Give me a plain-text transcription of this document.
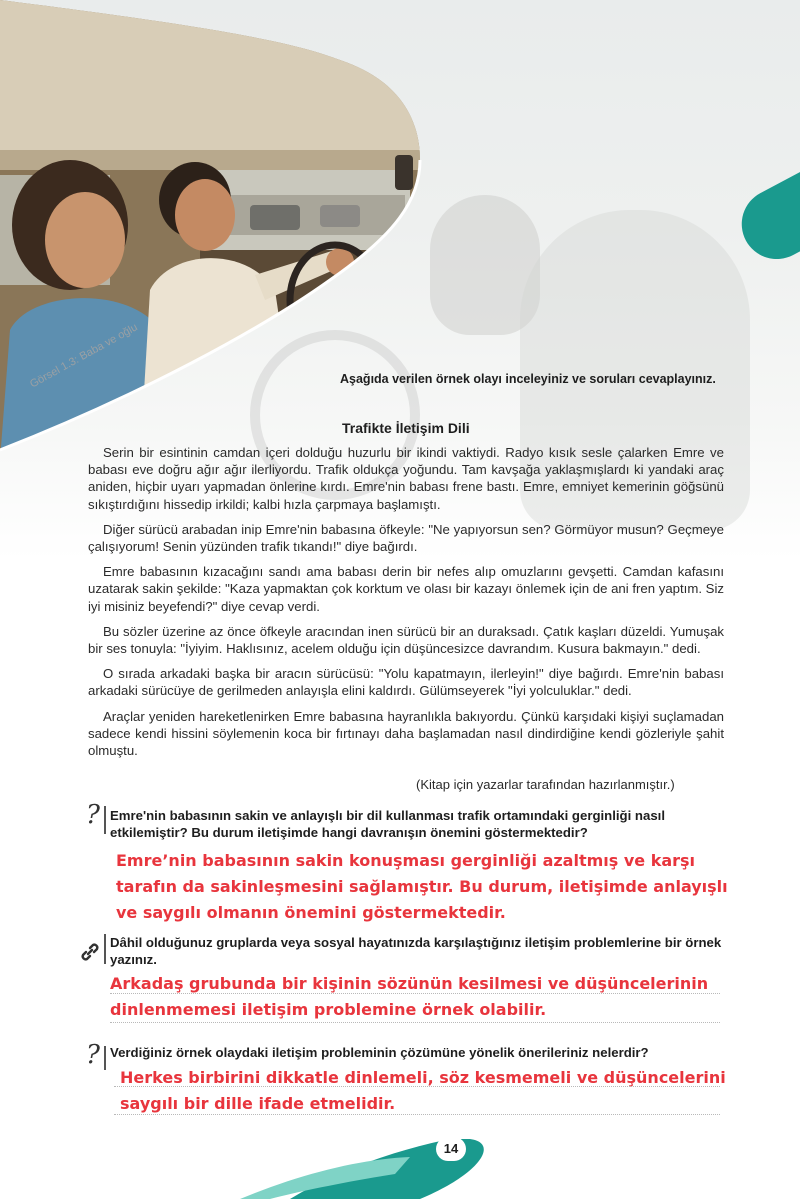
Görsel 1.3: Baba ve oğlu	Aşağıda verilen örnek olayı inceleyiniz ve soruları cevaplayınız.
Trafikte İletişim Dili

Serin bir esintinin camdan içeri dolduğu huzurlu bir ikindi vaktiydi. Radyo kısık sesle çalarken Emre ve babası eve doğru ağır ağır ilerliyordu. Trafik oldukça yoğundu. Tam kavşağa yaklaşmışlardı ki yandaki araç aniden, hiçbir uyarı yapmadan önlerine kırdı. Emre'nin babası frene bastı. Emre, emniyet kemerinin göğsünü sıkıştırdığını hissedip irkildi; kalbi hızla çarpmaya başlamıştı.

Diğer sürücü arabadan inip Emre'nin babasına öfkeyle: "Ne yapıyorsun sen? Görmüyor musun? Geçmeye çalışıyorum! Senin yüzünden trafik tıkandı!" diye bağırdı.

Emre babasının kızacağını sandı ama babası derin bir nefes alıp omuzlarını gevşetti. Camdan kafasını uzatarak sakin şekilde: "Kaza yapmaktan çok korktum ve olası bir kazayı önlemek için de ani fren yaptım. Siz iyi misiniz beyefendi?" diye cevap verdi.

Bu sözler üzerine az önce öfkeyle aracından inen sürücü bir an duraksadı. Çatık kaşları düzeldi. Yumuşak bir ses tonuyla: "İyiyim. Haklısınız, acelem olduğu için düşüncesizce davrandım. Kusura bakmayın." dedi.

O sırada arkadaki başka bir aracın sürücüsü: "Yolu kapatmayın, ilerleyin!" diye bağırdı. Emre'nin babası arkadaki sürücüye de gerilmeden anlayışla elini kaldırdı. Gülümseyerek "İyi yolculuklar." dedi.

Araçlar yeniden hareketlenirken Emre babasına hayranlıkla bakıyordu. Çünkü karşıdaki kişiyi suçlamadan sadece kendi hissini söylemenin koca bir fırtınayı daha başlamadan nasıl dindirdiğine kendi gözleriyle şahit olmuştu.

(Kitap için yazarlar tarafından hazırlanmıştır.)
? Emre'nin babasının sakin ve anlayışlı bir dil kullanması trafik ortamındaki gerginliği nasıl etkilemiştir? Bu durum iletişimde hangi davranışın önemini göstermektedir?
Emre’nin babasının sakin konuşması gerginliği azaltmış ve karşı
tarafın da sakinleşmesini sağlamıştır. Bu durum, iletişimde anlayışlı
ve saygılı olmanın önemini göstermektedir.
Dâhil olduğunuz gruplarda veya sosyal hayatınızda karşılaştığınız iletişim problemlerine bir örnek yazınız.
Arkadaş grubunda bir kişinin sözünün kesilmesi ve düşüncelerinin
dinlenmemesi iletişim problemine örnek olabilir.
? Verdiğiniz örnek olaydaki iletişim probleminin çözümüne yönelik önerileriniz nelerdir?
Herkes birbirini dikkatle dinlemeli, söz kesmemeli ve düşüncelerini
saygılı bir dille ifade etmelidir.
14
